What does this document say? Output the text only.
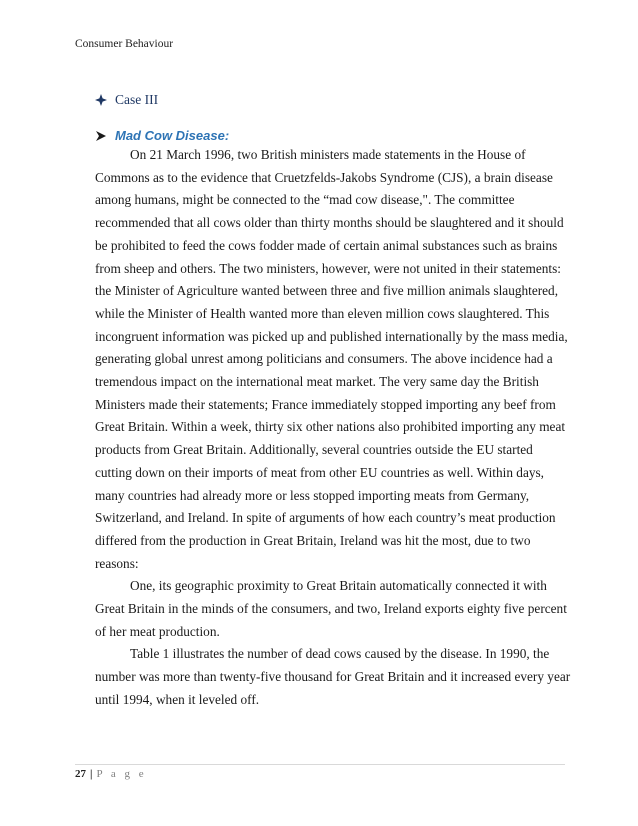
Consumer Behaviour
Case III
Mad Cow Disease:

On 21 March 1996, two British ministers made statements in the House of Commons as to the evidence that Cruetzfelds-Jakobs Syndrome (CJS), a brain disease among humans, might be connected to the “mad cow disease,". The committee recommended that all cows older than thirty months should be slaughtered and it should be prohibited to feed the cows fodder made of certain animal substances such as brains from sheep and others. The two ministers, however, were not united in their statements: the Minister of Agriculture wanted between three and five million animals slaughtered, while the Minister of Health wanted more than eleven million cows slaughtered. This incongruent information was picked up and published internationally by the mass media, generating global unrest among politicians and consumers. The above incidence had a tremendous impact on the international meat market. The very same day the British Ministers made their statements; France immediately stopped importing any beef from Great Britain. Within a week, thirty six other nations also prohibited importing any meat products from Great Britain. Additionally, several countries outside the EU started cutting down on their imports of meat from other EU countries as well. Within days, many countries had already more or less stopped importing meats from Germany, Switzerland, and Ireland. In spite of arguments of how each country’s meat production differed from the production in Great Britain, Ireland was hit the most, due to two reasons:

One, its geographic proximity to Great Britain automatically connected it with Great Britain in the minds of the consumers, and two, Ireland exports eighty five percent of her meat production.

Table 1 illustrates the number of dead cows caused by the disease. In 1990, the number was more than twenty-five thousand for Great Britain and it increased every year until 1994, when it leveled off.

27 | P a g e
